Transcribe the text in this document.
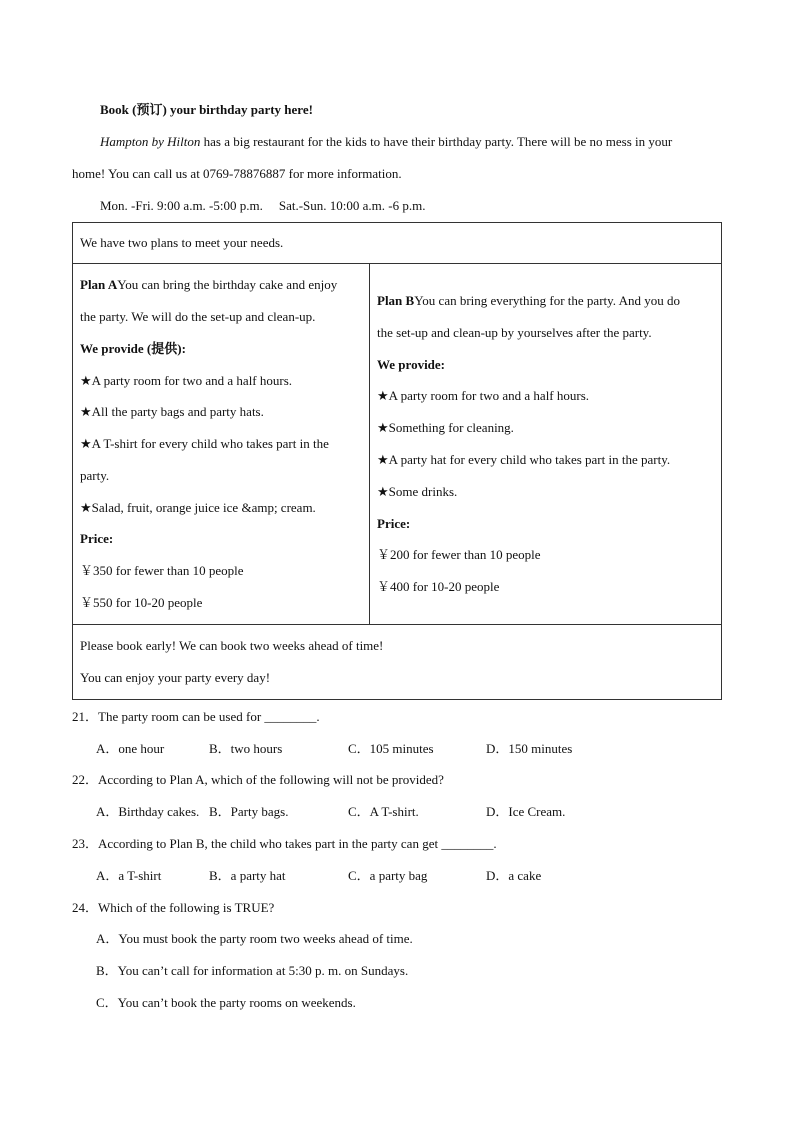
Book (预订) your birthday party here!
Hampton by Hilton has a big restaurant for the kids to have their birthday party. There will be no mess in your
home! You can call us at 0769-78876887 for more information.
Mon. -Fri. 9:00 a.m. -5:00 p.m. Sat.-Sun. 10:00 a.m. -6 p.m.
We have two plans to meet your needs.

Plan AYou can bring the birthday cake and enjoy

the party. We will do the set-up and clean-up.

We provide (提供):

★A party room for two and a half hours.

★All the party bags and party hats.

★A T-shirt for every child who takes part in the

party.

★Salad, fruit, orange juice ice &amp; cream.

Price:

￥350 for fewer than 10 people

￥550 for 10-20 people

Plan BYou can bring everything for the party. And you do

the set-up and clean-up by yourselves after the party.

We provide:

★A party room for two and a half hours.

★Something for cleaning.

★A party hat for every child who takes part in the party.

★Some drinks.

Price:

￥200 for fewer than 10 people

￥400 for 10-20 people

Please book early! We can book two weeks ahead of time!

You can enjoy your party every day!

21．The party room can be used for ________.
A．one hour	B．two hours	C．105 minutes	D．150 minutes
22．According to Plan A, which of the following will not be provided?
A．Birthday cakes. B．Party bags.	C．A T-shirt.	D．Ice Cream.
23．According to Plan B, the child who takes part in the party can get ________.
A．a T-shirt	B．a party hat	C．a party bag	D．a cake
24．Which of the following is TRUE?
A．You must book the party room two weeks ahead of time.
B．You can’t call for information at 5:30 p. m. on Sundays.
C．You can’t book the party rooms on weekends.
